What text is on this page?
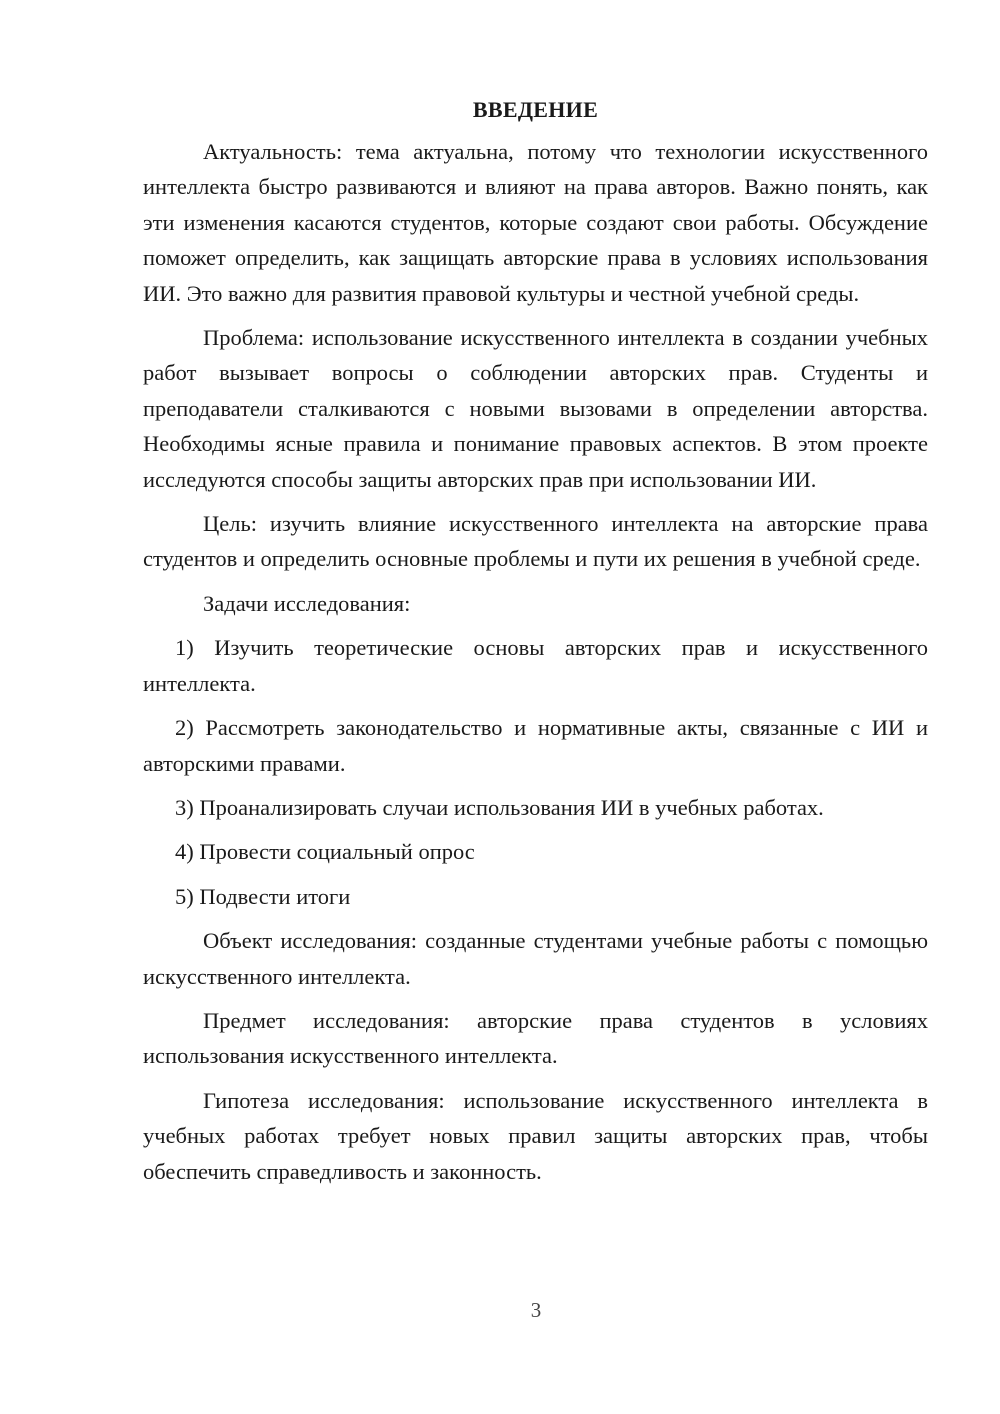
ВВЕДЕНИЕ

Актуальность: тема актуальна, потому что технологии искусственного интеллекта быстро развиваются и влияют на права авторов. Важно понять, как эти изменения касаются студентов, которые создают свои работы. Обсуждение поможет определить, как защищать авторские права в условиях использования ИИ. Это важно для развития правовой культуры и честной учебной среды.

Проблема: использование искусственного интеллекта в создании учебных работ вызывает вопросы о соблюдении авторских прав. Студенты и преподаватели сталкиваются с новыми вызовами в определении авторства. Необходимы ясные правила и понимание правовых аспектов. В этом проекте исследуются способы защиты авторских прав при использовании ИИ.

Цель: изучить влияние искусственного интеллекта на авторские права студентов и определить основные проблемы и пути их решения в учебной среде.

Задачи исследования:

1) Изучить теоретические основы авторских прав и искусственного интеллекта.

2) Рассмотреть законодательство и нормативные акты, связанные с ИИ и авторскими правами.

3) Проанализировать случаи использования ИИ в учебных работах.

4) Провести социальный опрос

5) Подвести итоги

Объект исследования: созданные студентами учебные работы с помощью искусственного интеллекта.

Предмет исследования: авторские права студентов в условиях использования искусственного интеллекта.

Гипотеза исследования: использование искусственного интеллекта в учебных работах требует новых правил защиты авторских прав, чтобы обеспечить справедливость и законность.

3
